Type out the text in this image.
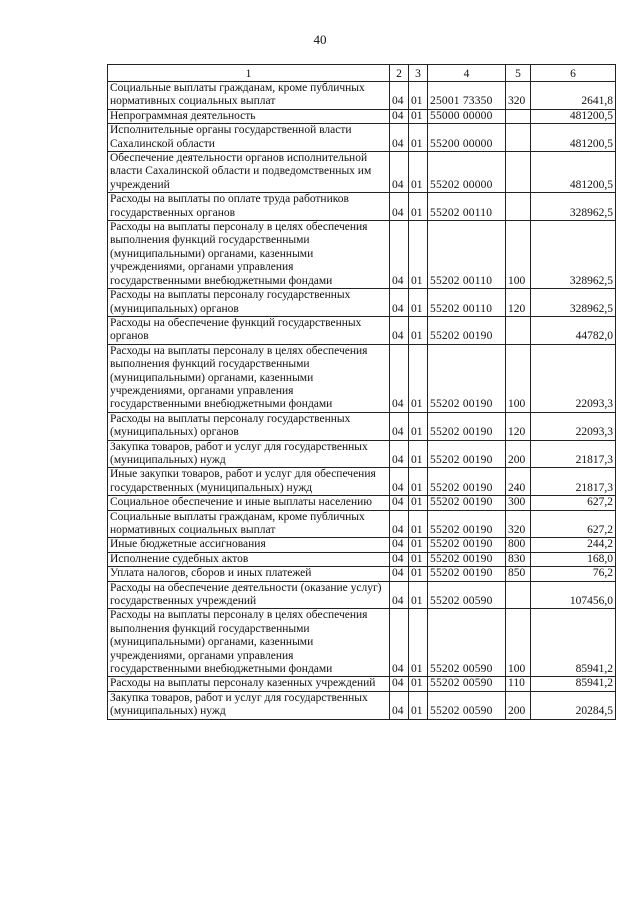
40
1	2	3	4	5	6
Социальные выплаты гражданам, кроме публичных нормативных социальных выплат	04	01	25001 73350	320	2641,8
Непрограммная деятельность	04	01	55000 00000		481200,5
Исполнительные органы государственной власти Сахалинской области	04	01	55200 00000		481200,5
Обеспечение деятельности органов исполнительной власти Сахалинской области и подведомственных им учреждений	04	01	55202 00000		481200,5
Расходы на выплаты по оплате труда работников государственных органов	04	01	55202 00110		328962,5
Расходы на выплаты персоналу в целях обеспечения выполнения функций государственными (муниципальными) органами, казенными учреждениями, органами управления государственными внебюджетными фондами	04	01	55202 00110	100	328962,5
Расходы на выплаты персоналу государственных (муниципальных) органов	04	01	55202 00110	120	328962,5
Расходы на обеспечение функций государственных органов	04	01	55202 00190		44782,0
Расходы на выплаты персоналу в целях обеспечения выполнения функций государственными (муниципальными) органами, казенными учреждениями, органами управления государственными внебюджетными фондами	04	01	55202 00190	100	22093,3
Расходы на выплаты персоналу государственных (муниципальных) органов	04	01	55202 00190	120	22093,3
Закупка товаров, работ и услуг для государственных (муниципальных) нужд	04	01	55202 00190	200	21817,3
Иные закупки товаров, работ и услуг для обеспечения государственных (муниципальных) нужд	04	01	55202 00190	240	21817,3
Социальное обеспечение и иные выплаты населению	04	01	55202 00190	300	627,2
Социальные выплаты гражданам, кроме публичных нормативных социальных выплат	04	01	55202 00190	320	627,2
Иные бюджетные ассигнования	04	01	55202 00190	800	244,2
Исполнение судебных актов	04	01	55202 00190	830	168,0
Уплата налогов, сборов и иных платежей	04	01	55202 00190	850	76,2
Расходы на обеспечение деятельности (оказание услуг) государственных учреждений	04	01	55202 00590		107456,0
Расходы на выплаты персоналу в целях обеспечения выполнения функций государственными (муниципальными) органами, казенными учреждениями, органами управления государственными внебюджетными фондами	04	01	55202 00590	100	85941,2
Расходы на выплаты персоналу казенных учреждений	04	01	55202 00590	110	85941,2
Закупка товаров, работ и услуг для государственных (муниципальных) нужд	04	01	55202 00590	200	20284,5
